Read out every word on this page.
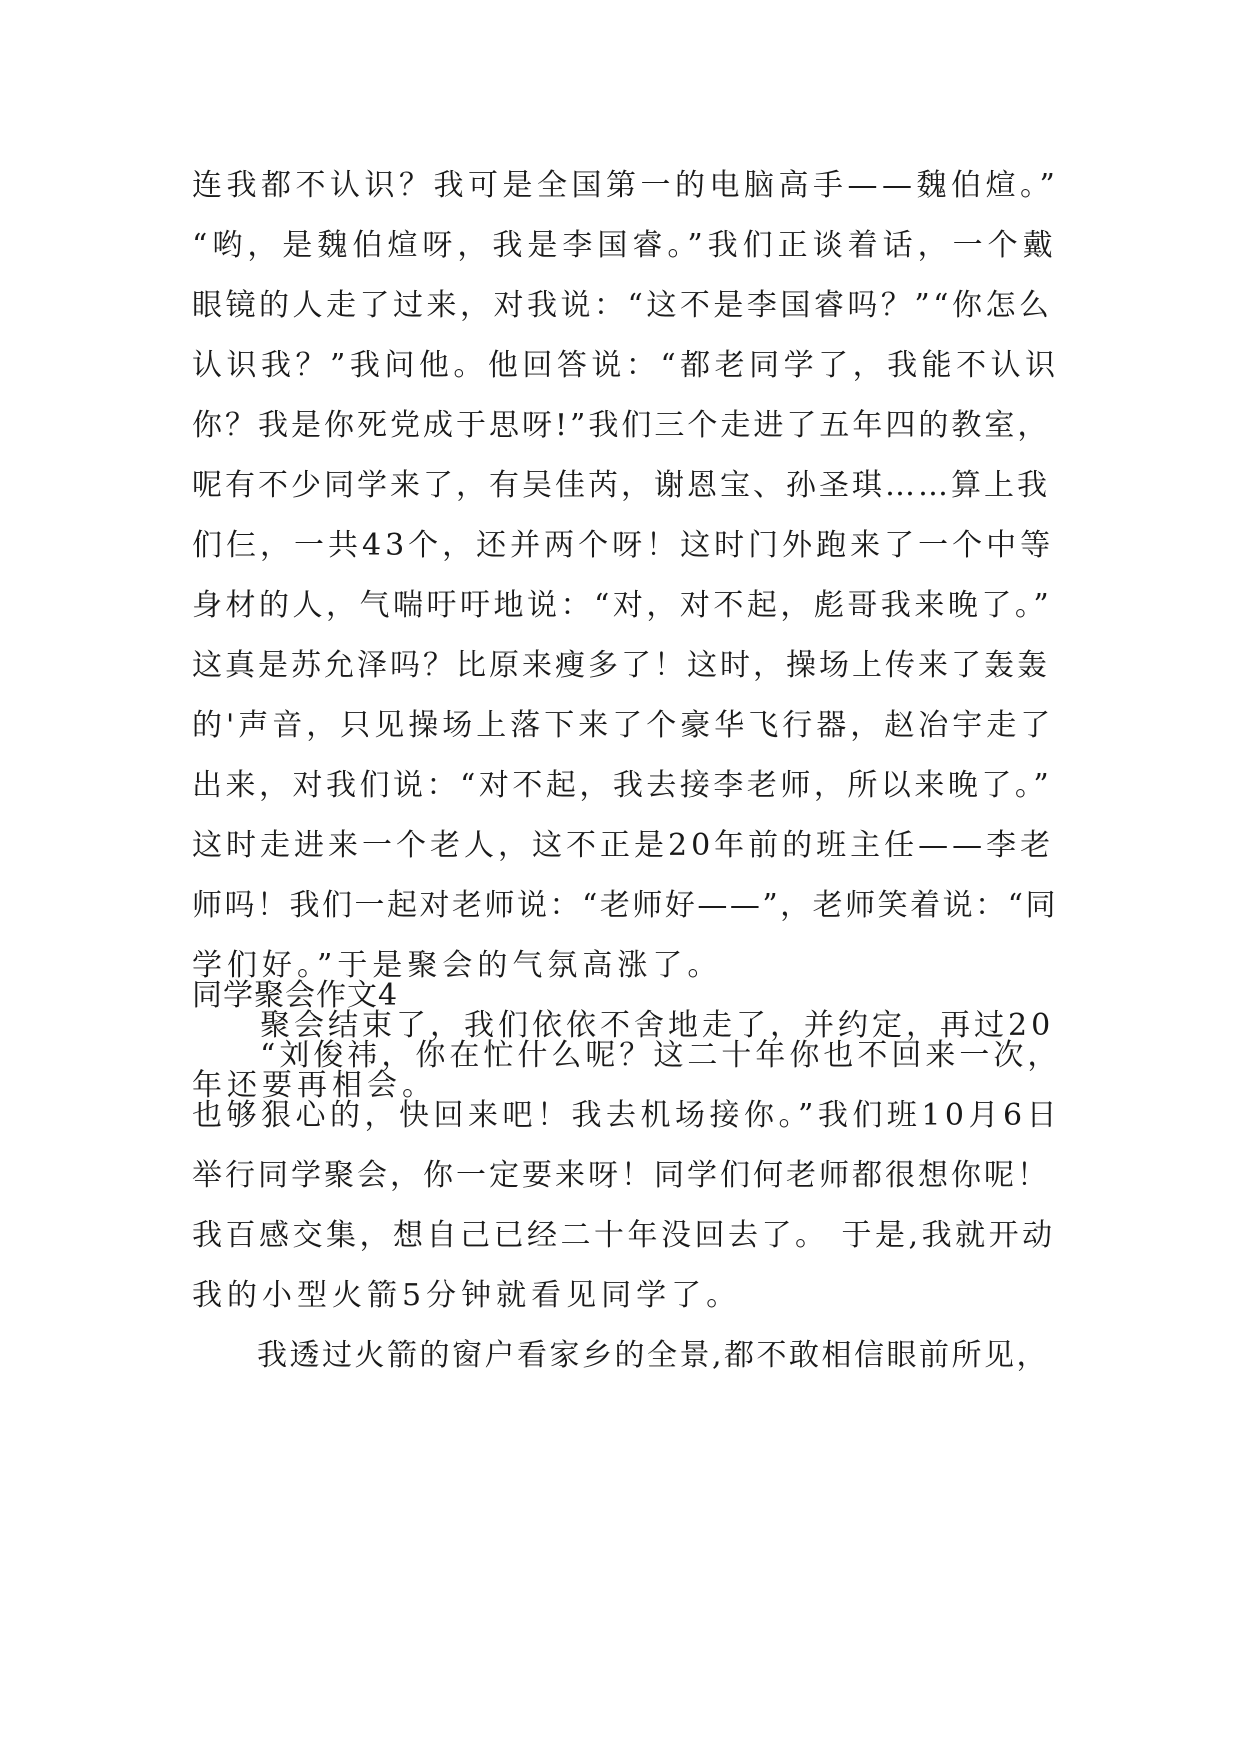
连我都不认识？我可是全国第一的电脑高手——魏伯煊。”
“哟，是魏伯煊呀，我是李国睿。”我们正谈着话，一个戴
眼镜的人走了过来，对我说：“这不是李国睿吗？”“你怎么
认识我？”我问他。他回答说：“都老同学了，我能不认识
你？我是你死党成于思呀!”我们三个走进了五年四的教室，
呢有不少同学来了，有吴佳芮，谢恩宝、孙圣琪……算上我
们仨，一共43个，还并两个呀！这时门外跑来了一个中等
身材的人，气喘吁吁地说：“对，对不起，彪哥我来晚了。”
这真是苏允泽吗？比原来瘦多了！这时，操场上传来了轰轰
的'声音，只见操场上落下来了个豪华飞行器，赵冶宇走了
出来，对我们说：“对不起，我去接李老师，所以来晚了。”
这时走进来一个老人，这不正是20年前的班主任——李老
师吗！我们一起对老师说：“老师好——”，老师笑着说：“同
学们好。”于是聚会的气氛高涨了。
　　聚会结束了，我们依依不舍地走了，并约定，再过20
年还要再相会。
同学聚会作文4
　　“刘俊祎，你在忙什么呢？这二十年你也不回来一次，
也够狠心的，快回来吧！我去机场接你。”我们班10月6日
举行同学聚会，你一定要来呀！同学们何老师都很想你呢！
我百感交集，想自己已经二十年没回去了。 于是,我就开动
我的小型火箭5分钟就看见同学了。
　　我透过火箭的窗户看家乡的全景,都不敢相信眼前所见，
